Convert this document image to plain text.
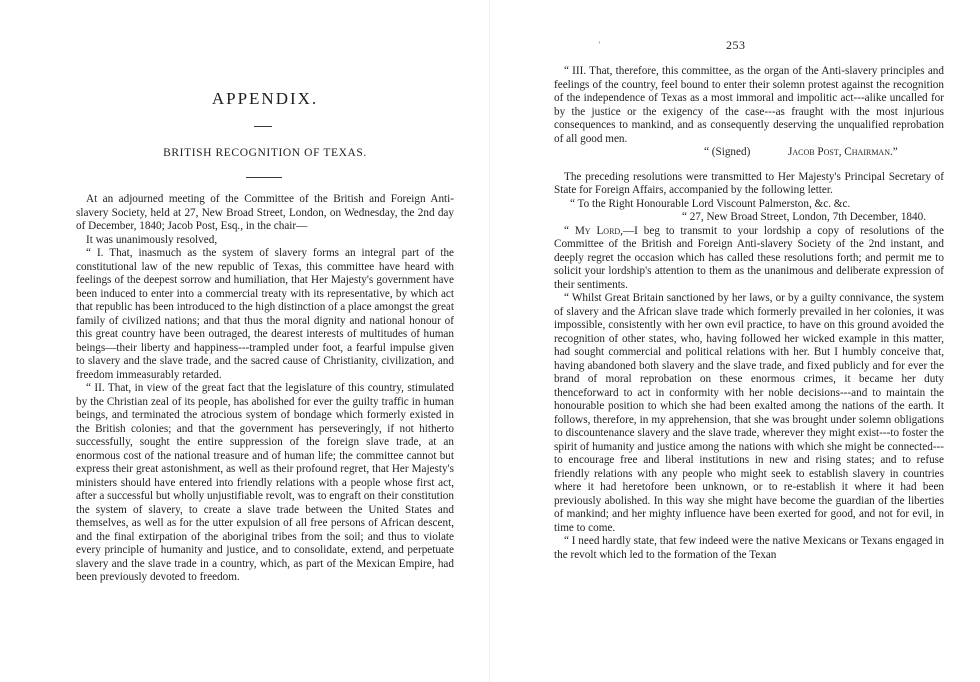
APPENDIX.
BRITISH RECOGNITION OF TEXAS.

At an adjourned meeting of the Committee of the British and Foreign Anti-slavery Society, held at 27, New Broad Street, London, on Wednesday, the 2nd day of December, 1840; Jacob Post, Esq., in the chair—

It was unanimously resolved,

“ I. That, inasmuch as the system of slavery forms an integral part of the constitutional law of the new republic of Texas, this committee have heard with feelings of the deepest sorrow and humiliation, that Her Majesty's government have been induced to enter into a commercial treaty with its representative, by which act that republic has been introduced to the high distinction of a place amongst the great family of civilized nations; and that thus the moral dignity and national honour of this great country have been outraged, the dearest interests of multitudes of human beings—their liberty and happiness---trampled under foot, a fearful impulse given to slavery and the slave trade, and the sacred cause of Christianity, civilization, and freedom immeasurably retarded.

“ II. That, in view of the great fact that the legislature of this country, stimulated by the Christian zeal of its people, has abolished for ever the guilty traffic in human beings, and terminated the atrocious system of bondage which formerly existed in the British colonies; and that the government has perseveringly, if not hitherto successfully, sought the entire suppression of the foreign slave trade, at an enormous cost of the national treasure and of human life; the committee cannot but express their great astonishment, as well as their profound regret, that Her Majesty's ministers should have entered into friendly relations with a people whose first act, after a successful but wholly unjustifiable revolt, was to engraft on their constitution the system of slavery, to create a slave trade between the United States and themselves, as well as for the utter expulsion of all free persons of African descent, and the final extirpation of the aboriginal tribes from the soil; and thus to violate every principle of humanity and justice, and to consolidate, extend, and perpetuate slavery and the slave trade in a country, which, as part of the Mexican Empire, had been previously devoted to freedom.

ʼ	253

“ III. That, therefore, this committee, as the organ of the Anti-slavery principles and feelings of the country, feel bound to enter their solemn protest against the recognition of the independence of Texas as a most immoral and impolitic act---alike uncalled for by the justice or the exigency of the case---as fraught with the most injurious consequences to mankind, and as consequently deserving the unqualified reprobation of all good men.

“ (Signed)	Jacob Post, Chairman.”

The preceding resolutions were transmitted to Her Majesty's Principal Secretary of State for Foreign Affairs, accompanied by the following letter.

“ To the Right Honourable Lord Viscount Palmerston, &c. &c.

“ 27, New Broad Street, London, 7th December, 1840.

“ My Lord,—I beg to transmit to your lordship a copy of resolutions of the Committee of the British and Foreign Anti-slavery Society of the 2nd instant, and deeply regret the occasion which has called these resolutions forth; and permit me to solicit your lordship's attention to them as the unanimous and deliberate expression of their sentiments.

“ Whilst Great Britain sanctioned by her laws, or by a guilty connivance, the system of slavery and the African slave trade which formerly prevailed in her colonies, it was impossible, consistently with her own evil practice, to have on this ground avoided the recognition of other states, who, having followed her wicked example in this matter, had sought commercial and political relations with her. But I humbly conceive that, having abandoned both slavery and the slave trade, and fixed publicly and for ever the brand of moral reprobation on these enormous crimes, it became her duty thenceforward to act in conformity with her noble decisions---and to maintain the honourable position to which she had been exalted among the nations of the earth. It follows, therefore, in my apprehension, that she was brought under solemn obligations to discountenance slavery and the slave trade, wherever they might exist---to foster the spirit of humanity and justice among the nations with which she might be connected---to encourage free and liberal institutions in new and rising states; and to refuse friendly relations with any people who might seek to establish slavery in countries where it had heretofore been unknown, or to re-establish it where it had been previously abolished. In this way she might have become the guardian of the liberties of mankind; and her mighty influence have been exerted for good, and not for evil, in time to come.

“ I need hardly state, that few indeed were the native Mexicans or Texans engaged in the revolt which led to the formation of the Texan
